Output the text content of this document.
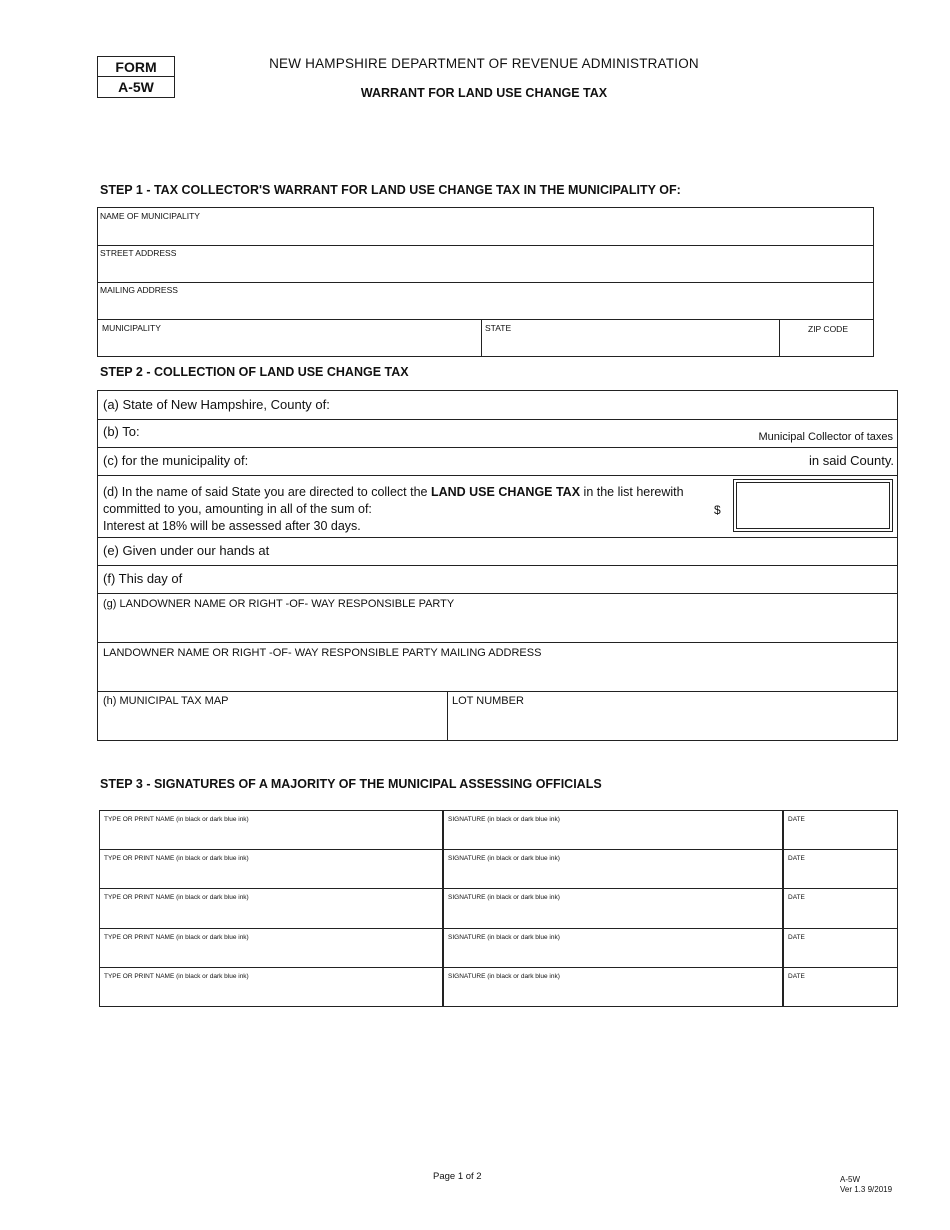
FORM
A-5W
NEW HAMPSHIRE DEPARTMENT OF REVENUE ADMINISTRATION
WARRANT FOR LAND USE CHANGE TAX
STEP 1 - TAX COLLECTOR'S WARRANT FOR LAND USE CHANGE TAX IN THE MUNICIPALITY OF:
NAME OF MUNICIPALITY
STREET ADDRESS
MAILING ADDRESS
MUNICIPALITY	STATE	ZIP CODE
STEP 2 - COLLECTION OF LAND USE CHANGE TAX
(a) State of New Hampshire, County of:
(b) To:	Municipal Collector of taxes
(c) for the municipality of:	in said County.
(d) In the name of said State you are directed to collect the LAND USE CHANGE TAX in the list herewith
committed to you, amounting in all of the sum of:
Interest at 18% will be assessed after 30 days.
$
(e) Given under our hands at
(f) This day of
(g) LANDOWNER NAME OR RIGHT -OF- WAY RESPONSIBLE PARTY
LANDOWNER NAME OR RIGHT -OF- WAY RESPONSIBLE PARTY MAILING ADDRESS
(h) MUNICIPAL TAX MAP	LOT NUMBER
STEP 3 - SIGNATURES OF A MAJORITY OF THE MUNICIPAL ASSESSING OFFICIALS
TYPE OR PRINT NAME (in black or dark blue ink)	SIGNATURE (in black or dark blue ink)	DATE
TYPE OR PRINT NAME (in black or dark blue ink)	SIGNATURE (in black or dark blue ink)	DATE
TYPE OR PRINT NAME (in black or dark blue ink)	SIGNATURE (in black or dark blue ink)	DATE
TYPE OR PRINT NAME (in black or dark blue ink)	SIGNATURE (in black or dark blue ink)	DATE
TYPE OR PRINT NAME (in black or dark blue ink)	SIGNATURE (in black or dark blue ink)	DATE
Page 1 of 2	A-5W
Ver 1.3 9/2019
